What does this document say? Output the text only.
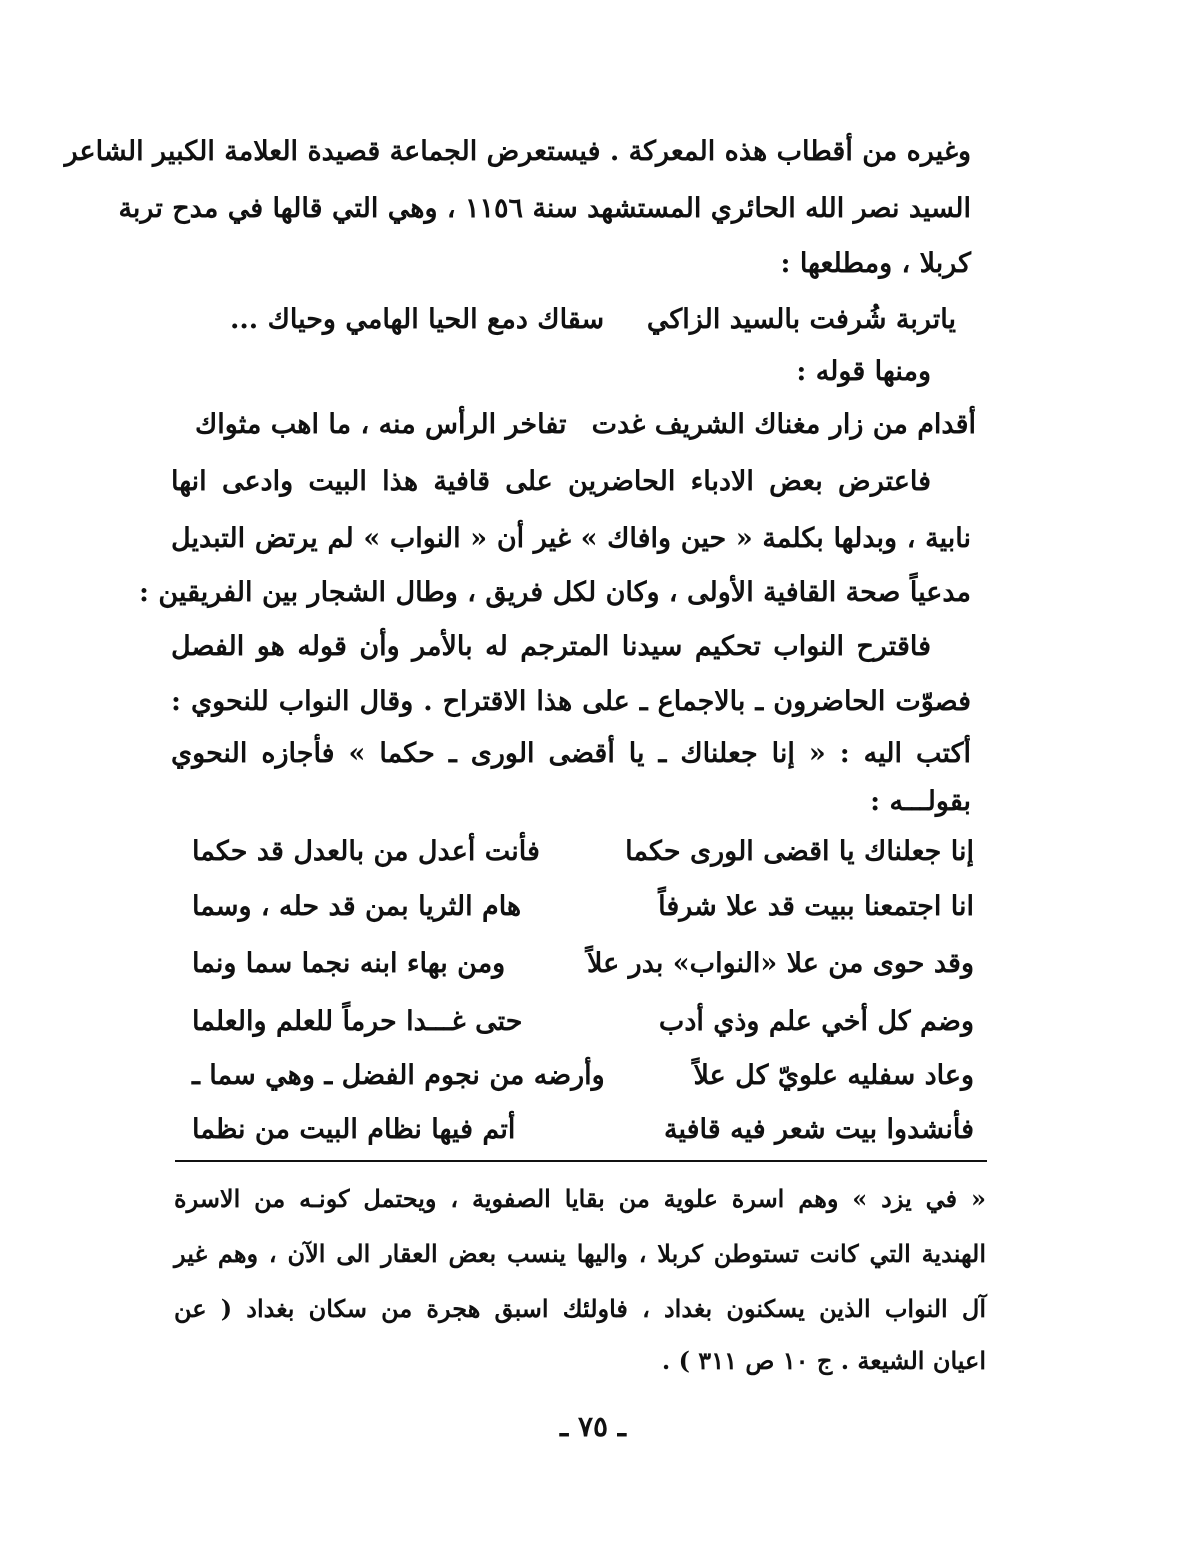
وغيره من أقطاب هذه المعركة . فيستعرض الجماعة قصيدة العلامة الكبير الشاعر
السيد نصر الله الحائري المستشهد سنة ١١٥٦ ، وهي التي قالها في مدح تربة
كربلا ، ومطلعها :
ياتربة شُرفت بالسيد الزاكي
سقاك دمع الحيا الهامي وحياك ...
ومنها قوله :
أقدام من زار مغناك الشريف غدت
تفاخر الرأس منه ، ما اهب مثواك
فاعترض بعض الادباء الحاضرين على قافية هذا البيت وادعى انها
نابية ، وبدلها بكلمة « حين وافاك » غير أن « النواب » لم يرتض التبديل
مدعياً صحة القافية الأولى ، وكان لكل فريق ، وطال الشجار بين الفريقين :
فاقترح النواب تحكيم سيدنا المترجم له بالأمر وأن قوله هو الفصل
فصوّت الحاضرون ـ بالاجماع ـ على هذا الاقتراح . وقال النواب للنحوي :
أكتب اليه : « إنا جعلناك ـ يا أقضى الورى ـ حكما » فأجازه النحوي
بقولـــه :
إنا جعلناك يا اقضى الورى حكما
فأنت أعدل من بالعدل قد حكما
انا اجتمعنا ببيت قد علا شرفاً
هام الثريا بمن قد حله ، وسما
وقد حوى من علا «النواب» بدر علاً
ومن بهاء ابنه نجما سما ونما
وضم كل أخي علم وذي أدب
حتى غـــدا حرماً للعلم والعلما
وعاد سفليه علويّ كل علاً
وأرضه من نجوم الفضل ـ وهي سما ـ
فأنشدوا بيت شعر فيه قافية
أتم فيها نظام البيت من نظما
« في يزد » وهم اسرة علوية من بقايا الصفوية ، ويحتمل كونـه من الاسرة
الهندية التي كانت تستوطن كربلا ، واليها ينسب بعض العقار الى الآن ، وهم غير
آل النواب الذين يسكنون بغداد ، فاولئك اسبق هجرة من سكان بغداد ( عن
اعيان الشيعة . ج ١٠ ص ٣١١ ) .
ـ ٧٥ ـ
